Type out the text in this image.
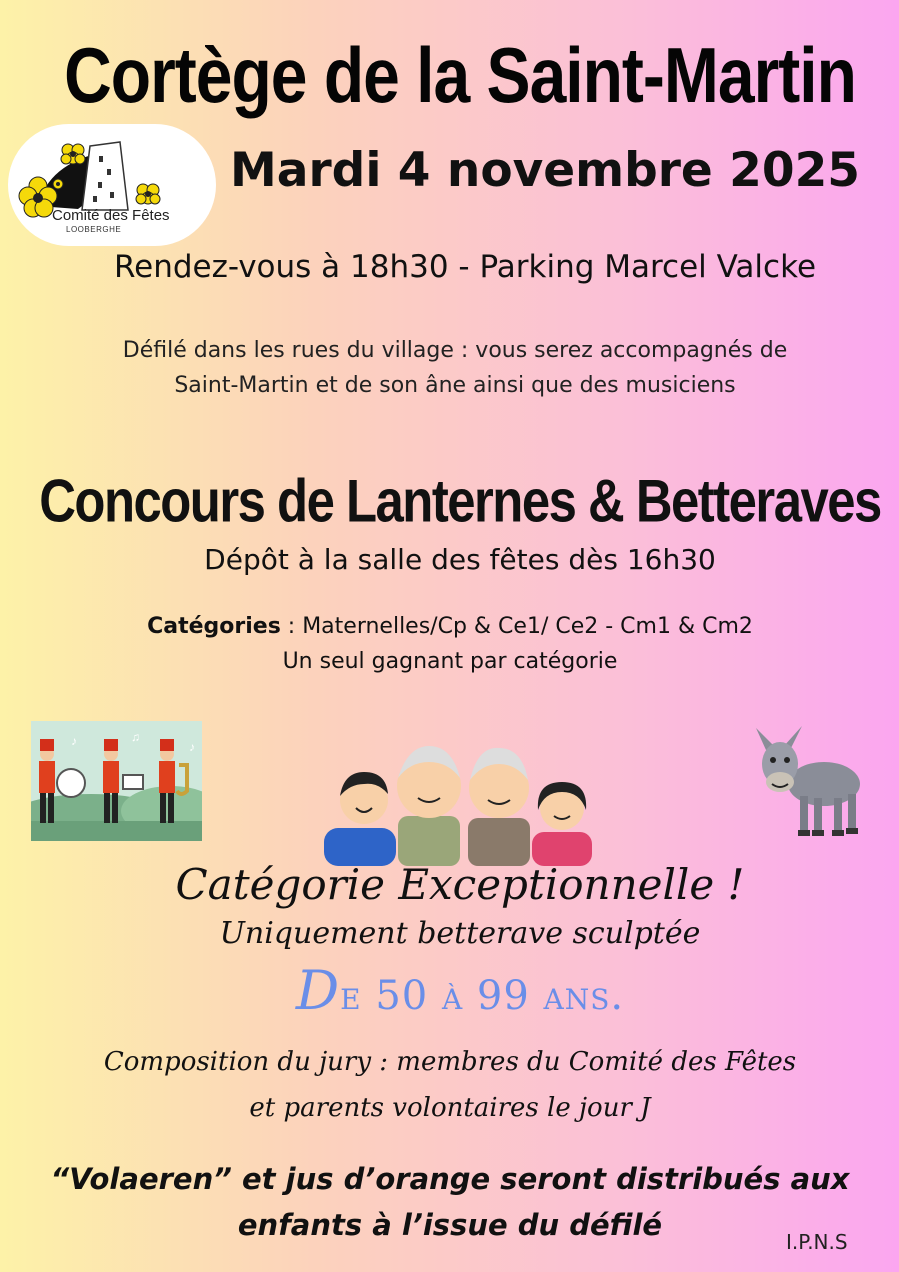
Cortège de la Saint-Martin
Comité des Fêtes
LOOBERGHE
Mardi 4 novembre 2025
Rendez-vous à 18h30 - Parking Marcel Valcke
Défilé dans les rues du village : vous serez accompagnés de
Saint-Martin et de son âne ainsi que des musiciens
Concours de Lanternes & Betteraves
Dépôt à la salle des fêtes dès 16h30
Catégories : Maternelles/Cp & Ce1/ Ce2 - Cm1 & Cm2
Un seul gagnant par catégorie
♪	♫
♪
Catégorie Exceptionnelle !
Uniquement betterave sculptée
De 50 à 99 ans.
Composition du jury : membres du Comité des Fêtes
et parents volontaires le jour J
“Volaeren” et jus d’orange seront distribués aux
enfants à l’issue du défilé	I.P.N.S
